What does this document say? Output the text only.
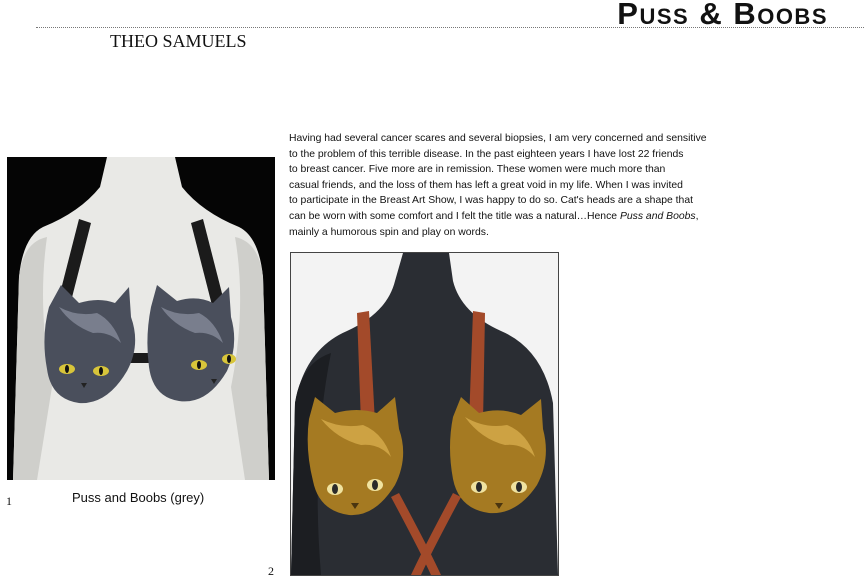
Puss & Boobs
THEO SAMUELS

Having had several cancer scares and several biopsies, I am very concerned and sensitive
to the problem of this terrible disease. In the past eighteen years I have lost 22 friends
to breast cancer. Five more are in remission. These women were much more than
casual friends, and the loss of them has left a great void in my life. When I was invited
to participate in the Breast Art Show, I was happy to do so. Cat's heads are a shape that
can be worn with some comfort and I felt the title was a natural…Hence Puss and Boobs,
mainly a humorous spin and play on words.

1	Puss and Boobs (grey)
2
